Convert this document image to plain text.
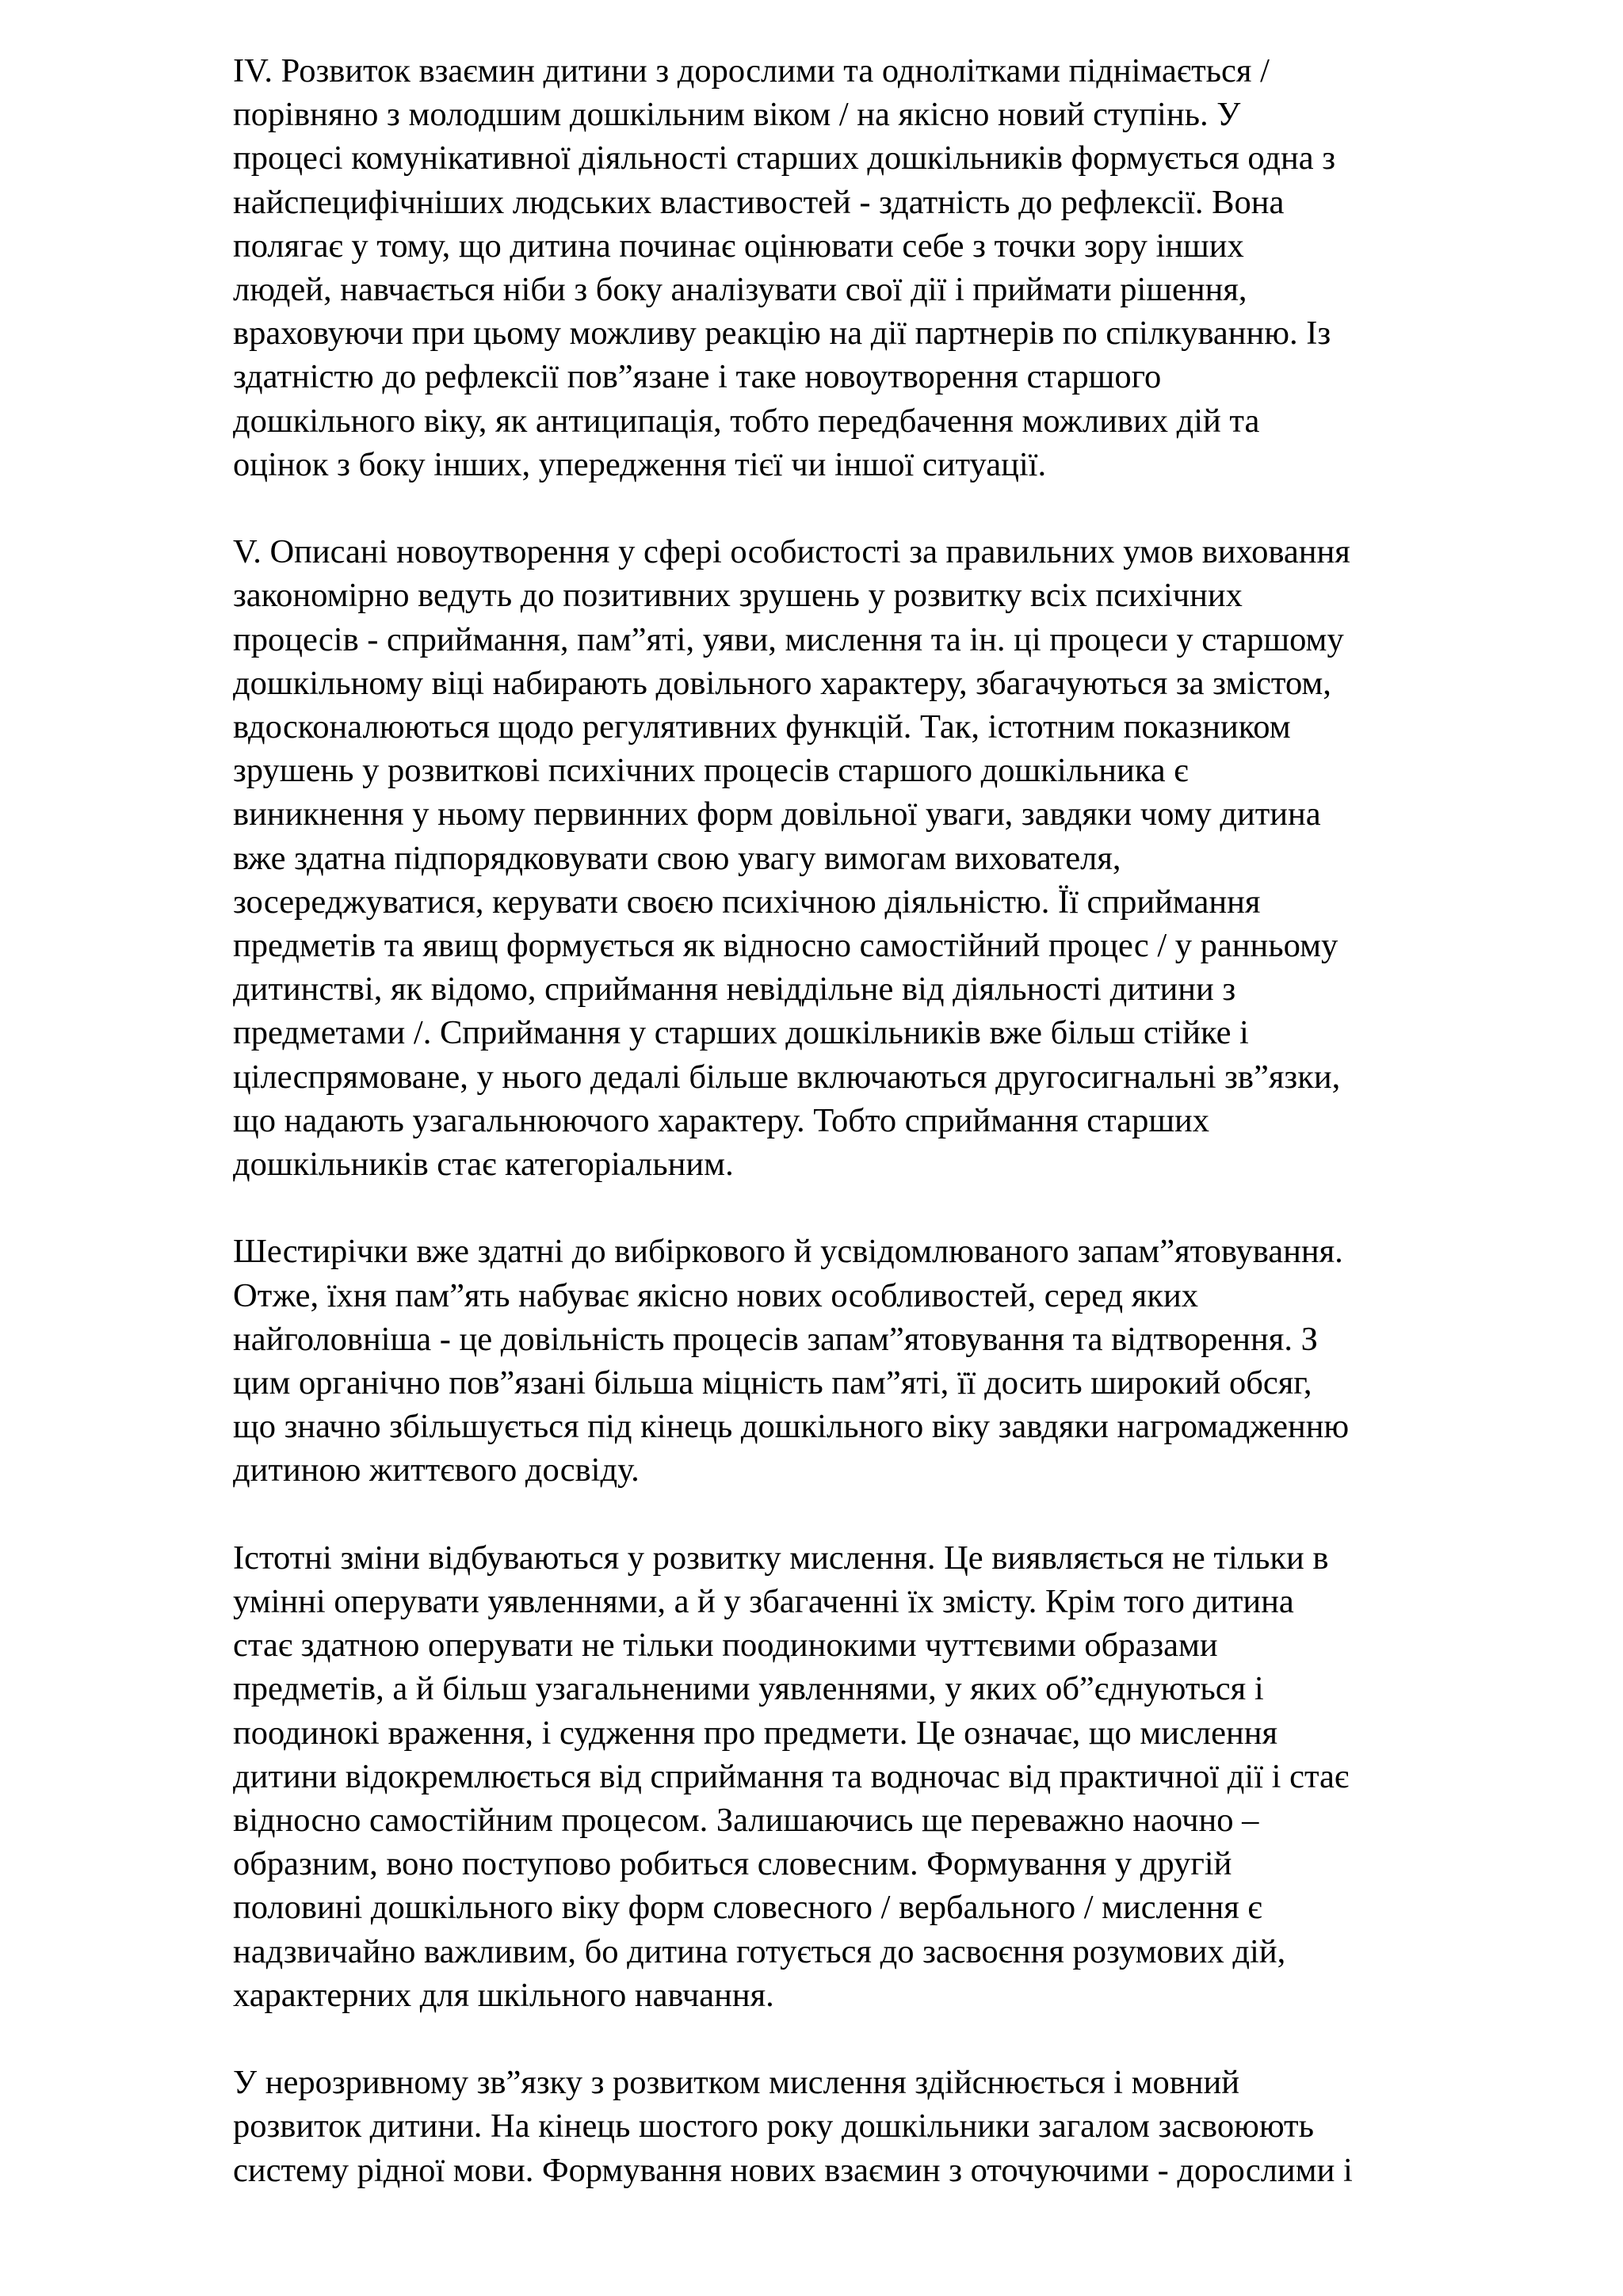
IV. Розвиток взаємин дитини з дорослими та однолітками піднімається /
порівняно з молодшим дошкільним віком / на якісно новий ступінь. У
процесі комунікативної діяльності старших дошкільників формується одна з
найспецифічніших людських властивостей - здатність до рефлексії. Вона
полягає у тому, що дитина починає оцінювати себе з точки зору інших
людей, навчається ніби з боку аналізувати свої дії і приймати рішення,
враховуючи при цьому можливу реакцію на дії партнерів по спілкуванню. Із
здатністю до рефлексії пов”язане і таке новоутворення старшого
дошкільного віку, як антиципація, тобто передбачення можливих дій та
оцінок з боку інших, упередження тієї чи іншої ситуації.

V. Описані новоутворення у сфері особистості за правильних умов виховання
закономірно ведуть до позитивних зрушень у розвитку всіх психічних
процесів - сприймання, пам”яті, уяви, мислення та ін. ці процеси у старшому
дошкільному віці набирають довільного характеру, збагачуються за змістом,
вдосконалюються щодо регулятивних функцій. Так, істотним показником
зрушень у розвиткові психічних процесів старшого дошкільника є
виникнення у ньому первинних форм довільної уваги, завдяки чому дитина
вже здатна підпорядковувати свою увагу вимогам вихователя,
зосереджуватися, керувати своєю психічною діяльністю. Її сприймання
предметів та явищ формується як відносно самостійний процес / у ранньому
дитинстві, як відомо, сприймання невіддільне від діяльності дитини з
предметами /. Сприймання у старших дошкільників вже більш стійке і
цілеспрямоване, у нього дедалі більше включаються другосигнальні зв”язки,
що надають узагальнюючого характеру. Тобто сприймання старших
дошкільників стає категоріальним.

Шестирічки вже здатні до вибіркового й усвідомлюваного запам”ятовування.
Отже, їхня пам”ять набуває якісно нових особливостей, серед яких
найголовніша - це довільність процесів запам”ятовування та відтворення. З
цим органічно пов”язані більша міцність пам”яті, її досить широкий обсяг,
що значно збільшується під кінець дошкільного віку завдяки нагромадженню
дитиною життєвого досвіду.

Істотні зміни відбуваються у розвитку мислення. Це виявляється не тільки в
умінні оперувати уявленнями, а й у збагаченні їх змісту. Крім того дитина
стає здатною оперувати не тільки поодинокими чуттєвими образами
предметів, а й більш узагальненими уявленнями, у яких об”єднуються і
поодинокі враження, і судження про предмети. Це означає, що мислення
дитини відокремлюється від сприймання та водночас від практичної дії і стає
відносно самостійним процесом. Залишаючись ще переважно наочно –
образним, воно поступово робиться словесним. Формування у другій
половині дошкільного віку форм словесного / вербального / мислення є
надзвичайно важливим, бо дитина готується до засвоєння розумових дій,
характерних для шкільного навчання.

У нерозривному зв”язку з розвитком мислення здійснюється і мовний
розвиток дитини. На кінець шостого року дошкільники загалом засвоюють
систему рідної мови. Формування нових взаємин з оточуючими - дорослими і
